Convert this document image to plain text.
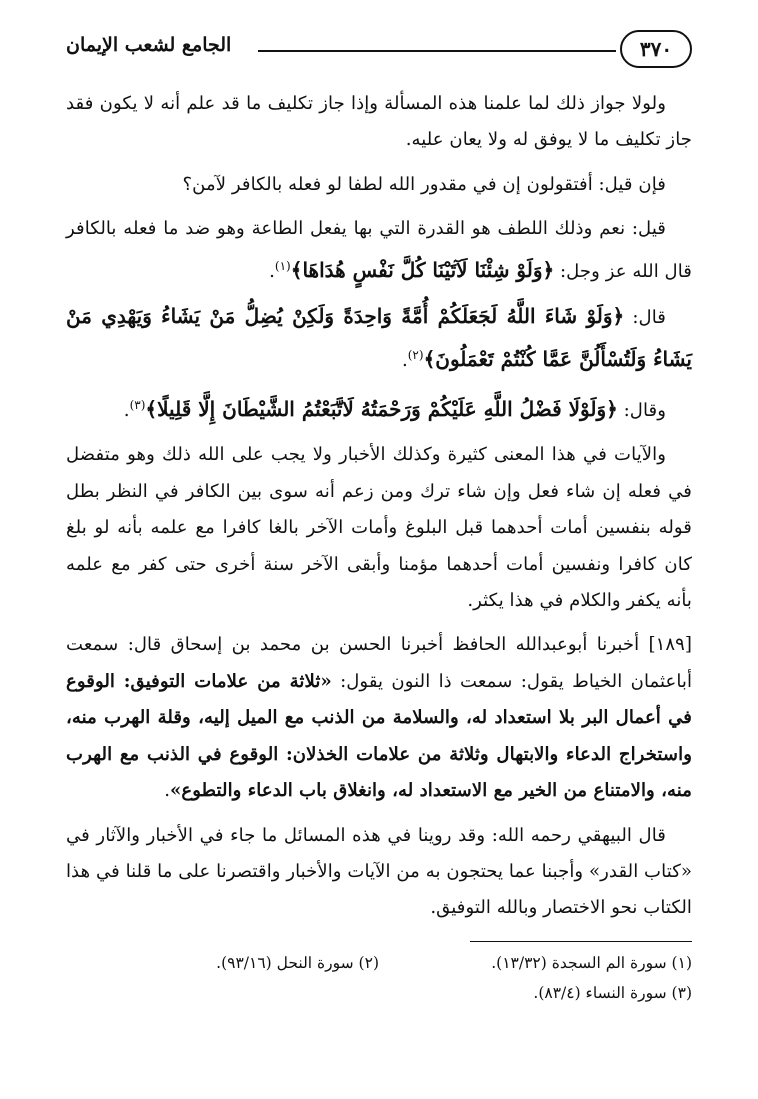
٣٧٠
الجامع لشعب الإيمان

ولولا جواز ذلك لما علمنا هذه المسألة وإذا جاز تكليف ما قد علم أنه لا يكون فقد جاز تكليف ما لا يوفق له ولا يعان عليه.

فإن قيل: أفتقولون إن في مقدور الله لطفا لو فعله بالكافر لآمن؟

قيل: نعم وذلك اللطف هو القدرة التي بها يفعل الطاعة وهو ضد ما فعله بالكافر قال الله عز وجل: ﴿وَلَوْ شِئْنَا لَآتَيْنَا كُلَّ نَفْسٍ هُدَاهَا﴾$^{(١)}$.

قال: ﴿وَلَوْ شَاءَ اللَّهُ لَجَعَلَكُمْ أُمَّةً وَاحِدَةً وَلَكِنْ يُضِلُّ مَنْ يَشَاءُ وَيَهْدِي مَنْ يَشَاءُ وَلَتُسْأَلُنَّ عَمَّا كُنْتُمْ تَعْمَلُونَ﴾$^{(٢)}$.

وقال: ﴿وَلَوْلَا فَضْلُ اللَّهِ عَلَيْكُمْ وَرَحْمَتُهُ لَاتَّبَعْتُمُ الشَّيْطَانَ إِلَّا قَلِيلًا﴾$^{(٣)}$.

والآيات في هذا المعنى كثيرة وكذلك الأخبار ولا يجب على الله ذلك وهو متفضل في فعله إن شاء فعل وإن شاء ترك ومن زعم أنه سوى بين الكافر في النظر بطل قوله بنفسين أمات أحدهما قبل البلوغ وأمات الآخر بالغا كافرا مع علمه بأنه لو بلغ كان كافرا ونفسين أمات أحدهما مؤمنا وأبقى الآخر سنة أخرى حتى كفر مع علمه بأنه يكفر والكلام في هذا يكثر.

[١٨٩] أخبرنا أبوعبدالله الحافظ أخبرنا الحسن بن محمد بن إسحاق قال: سمعت أباعثمان الخياط يقول: سمعت ذا النون يقول: «ثلاثة من علامات التوفيق: الوقوع في أعمال البر بلا استعداد له، والسلامة من الذنب مع الميل إليه، وقلة الهرب منه، واستخراج الدعاء والابتهال وثلاثة من علامات الخذلان: الوقوع في الذنب مع الهرب منه، والامتناع من الخير مع الاستعداد له، وانغلاق باب الدعاء والتطوع».

قال البيهقي رحمه الله: وقد روينا في هذه المسائل ما جاء في الأخبار والآثار في «كتاب القدر» وأجبنا عما يحتجون به من الآيات والأخبار واقتصرنا على ما قلنا في هذا الكتاب نحو الاختصار وبالله التوفيق.

(١) سورة الم السجدة (١٣/٣٢).
(٢) سورة النحل (٩٣/١٦).
(٣) سورة النساء (٨٣/٤).
